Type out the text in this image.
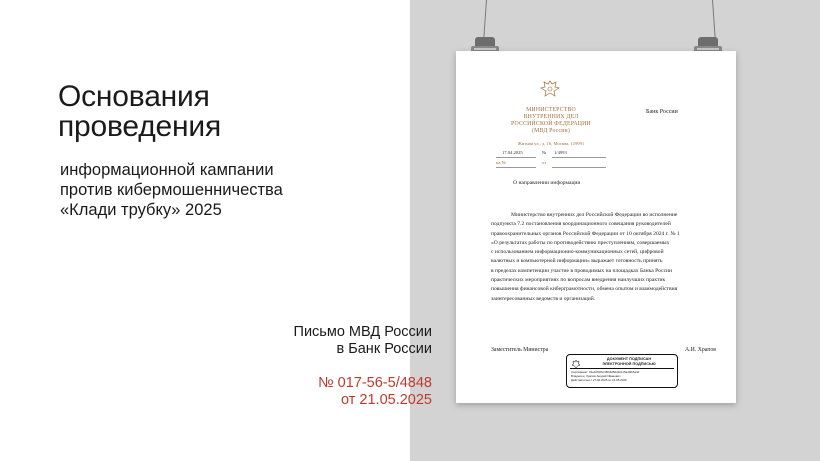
Основания
проведения
информационной кампании
против кибермошенничества
«Клади трубку» 2025
Письмо МВД России
в Банк России
№ 017-56-5/4848
от 21.05.2025
МИНИСТЕРСТВО
ВНУТРЕННИХ ДЕЛ
РОССИЙСКОЙ ФЕДЕРАЦИИ
(МВД России)
Житная ул., д. 16, Москва, 119991
17.04.2025	№ 1/4993
на №	от
Банк России
О направлении информации
Министерство внутренних дел Российской Федерации во исполнение
подпункта 7.2 постановления координационного совещания руководителей
правоохранительных органов Российской Федерации от 10 октября 2024 г. № 1
«О результатах работы по противодействию преступлениям, совершаемых
с использованием информационно-коммуникационных сетей, цифровой
валютных и компьютерной информации» выражает готовность принять
в пределах компетенции участие в проводимых на площадках Банка России
практических мероприятиях по вопросам внедрения наилучших практик
повышения финансовой киберграмотности, обмена опытом и взаимодействия
заинтересованных ведомств и организаций.
Заместитель Министра	А.И. Храпов
ДОКУМЕНТ ПОДПИСАН
ЭЛЕКТРОННОЙ ПОДПИСЬЮ
Сертификат: 01eb2f32bc4f0b625dd1b1c5a4bfb6a4d
Владелец: Храпов Андрей Иванович
Действителен с 27.02.2025 по 21.05.2026
